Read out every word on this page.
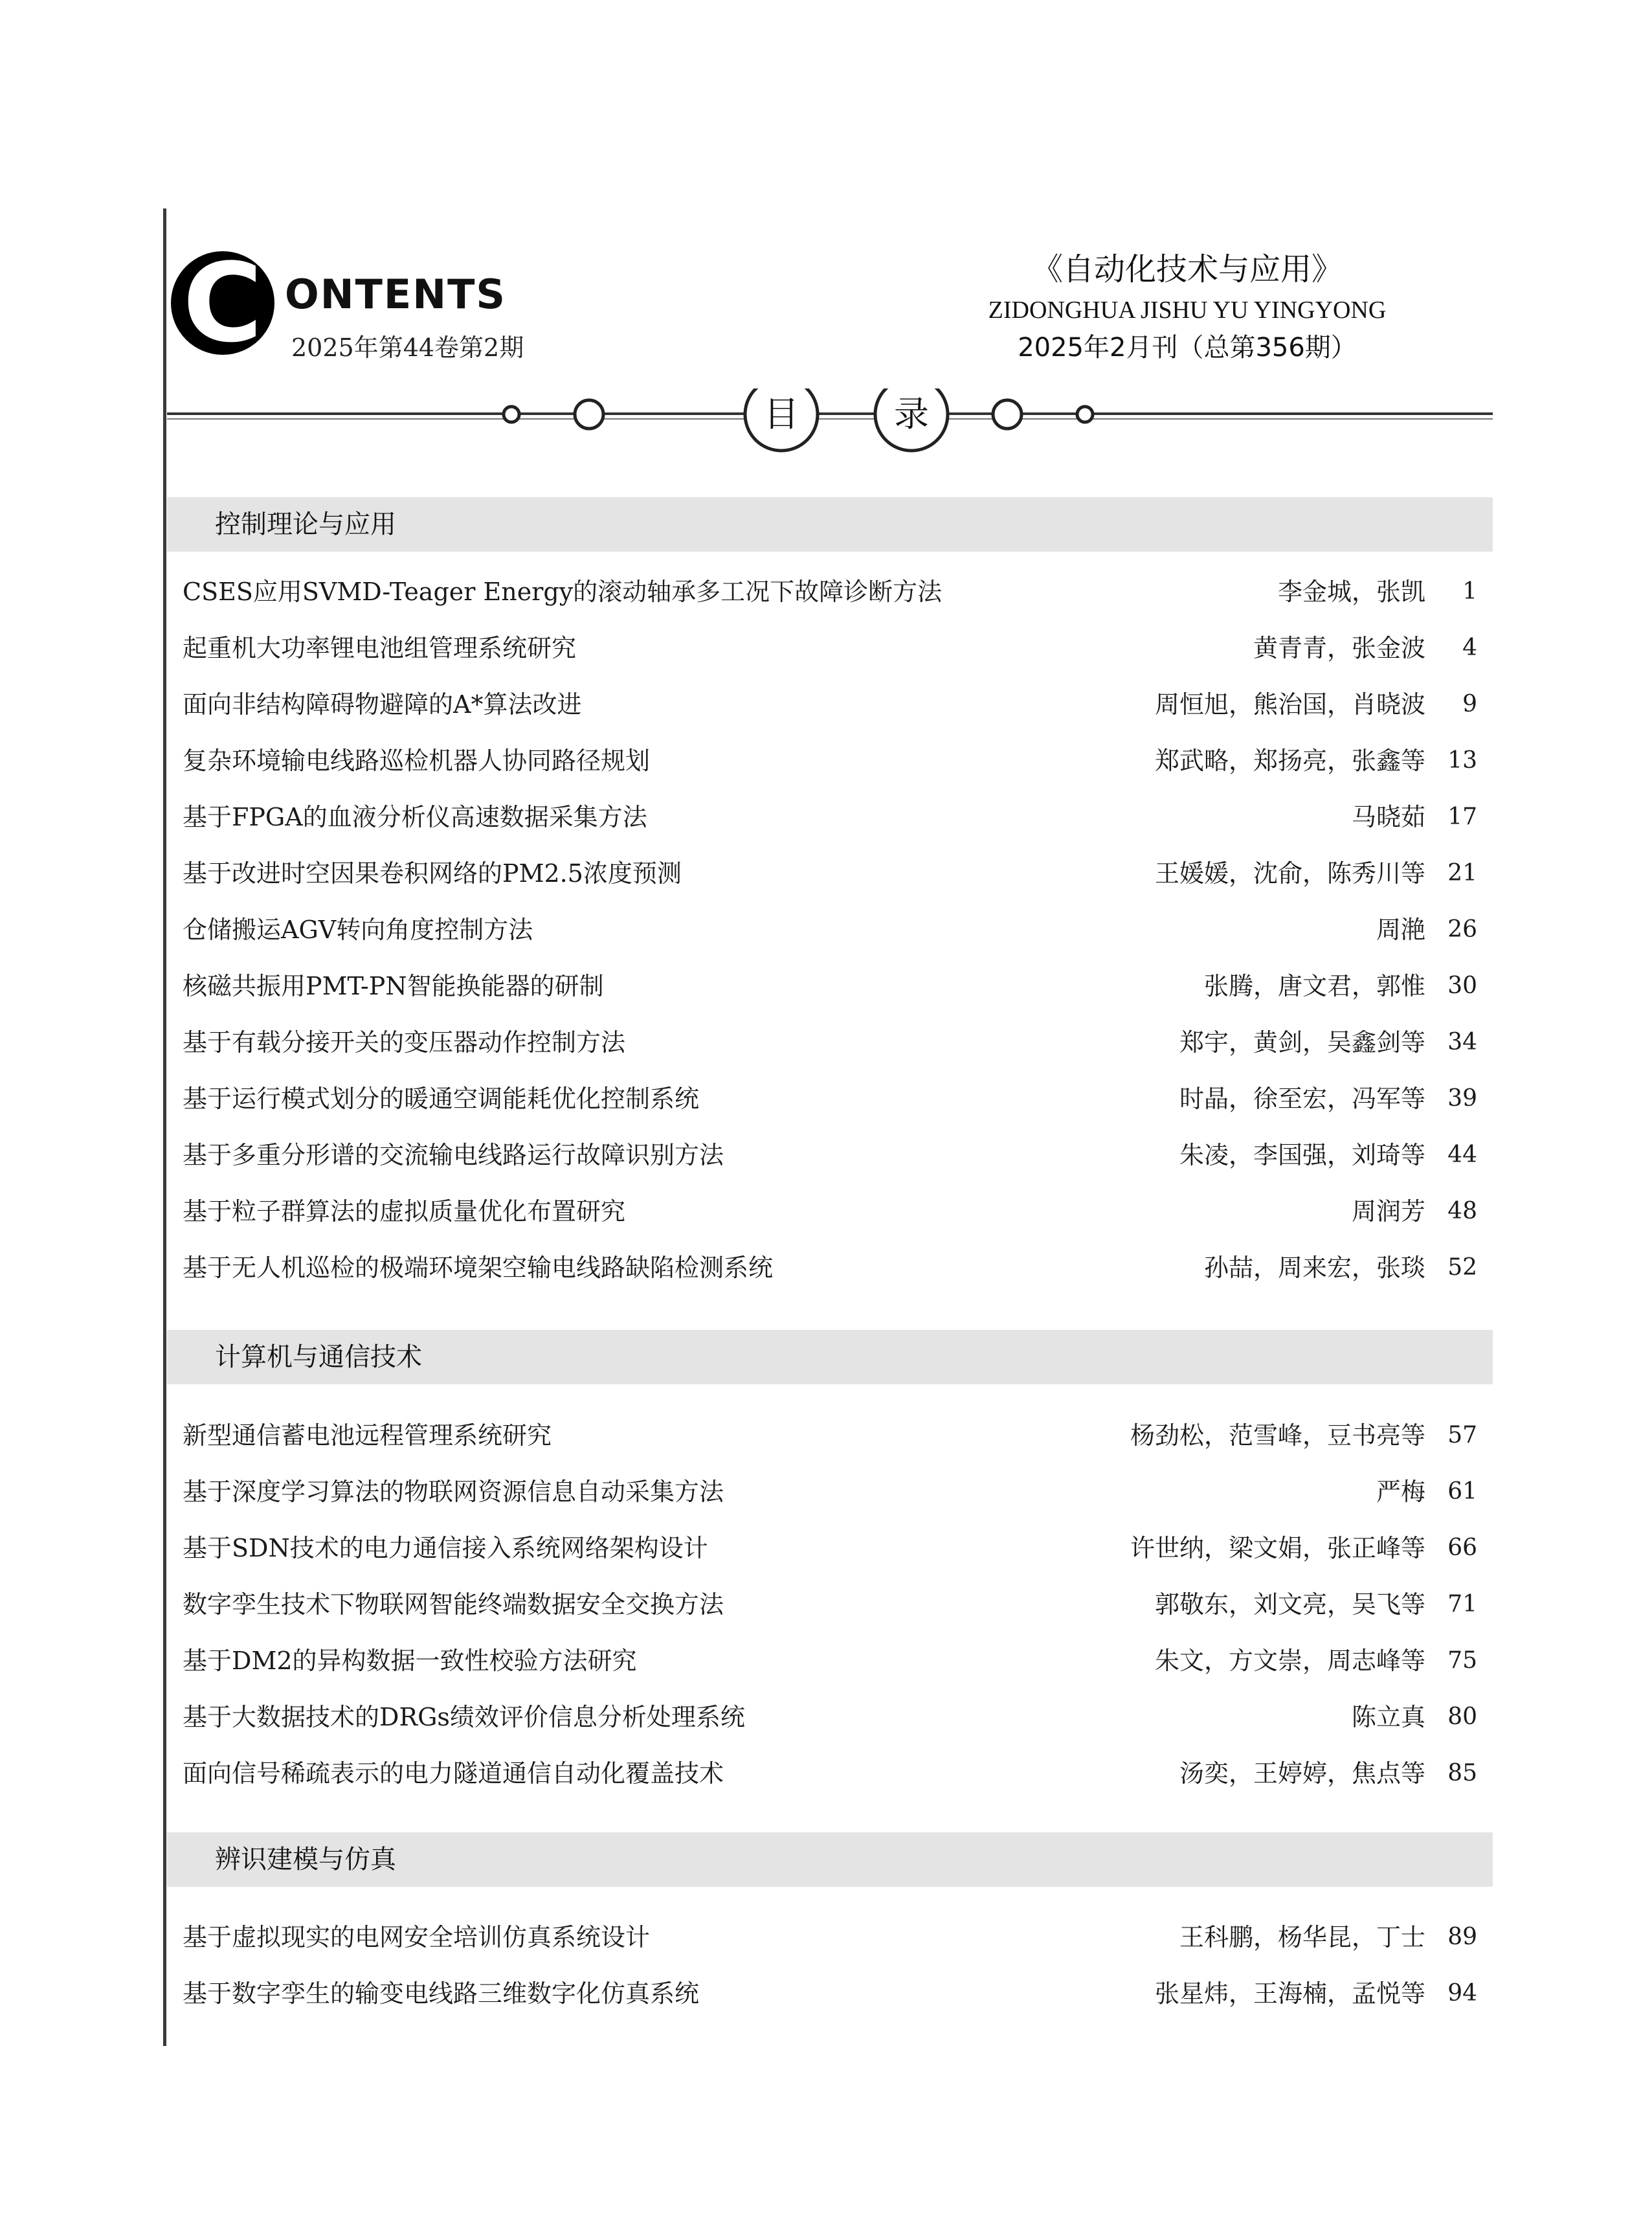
C ONTENTS
2025年第44卷第2期
《自动化技术与应用》
ZIDONGHUA JISHU YU YINGYONG
2025年2月刊（总第356期）
目	录
控制理论与应用
CSES应用SVMD-Teager Energy的滚动轴承多工况下故障诊断方法	李金城，张凯	1
起重机大功率锂电池组管理系统研究	黄青青，张金波	4
面向非结构障碍物避障的A*算法改进	周恒旭，熊治国，肖晓波	9
复杂环境输电线路巡检机器人协同路径规划	郑武略，郑扬亮，张鑫等 13
基于FPGA的血液分析仪高速数据采集方法	马晓茹 17
基于改进时空因果卷积网络的PM2.5浓度预测	王媛媛，沈俞，陈秀川等 21
仓储搬运AGV转向角度控制方法	周滟 26
核磁共振用PMT-PN智能换能器的研制	张腾，唐文君，郭惟 30
基于有载分接开关的变压器动作控制方法	郑宇，黄剑，吴鑫剑等 34
基于运行模式划分的暖通空调能耗优化控制系统	时晶，徐至宏，冯军等 39
基于多重分形谱的交流输电线路运行故障识别方法	朱凌，李国强，刘琦等 44
基于粒子群算法的虚拟质量优化布置研究	周润芳 48
基于无人机巡检的极端环境架空输电线路缺陷检测系统	孙喆，周来宏，张琰 52
计算机与通信技术
新型通信蓄电池远程管理系统研究	杨劲松，范雪峰，豆书亮等 57
基于深度学习算法的物联网资源信息自动采集方法	严梅 61
基于SDN技术的电力通信接入系统网络架构设计	许世纳，梁文娟，张正峰等 66
数字孪生技术下物联网智能终端数据安全交换方法	郭敬东，刘文亮，吴飞等 71
基于DM2的异构数据一致性校验方法研究	朱文，方文崇，周志峰等 75
基于大数据技术的DRGs绩效评价信息分析处理系统	陈立真 80
面向信号稀疏表示的电力隧道通信自动化覆盖技术	汤奕，王婷婷，焦点等 85
辨识建模与仿真
基于虚拟现实的电网安全培训仿真系统设计	王科鹏，杨华昆，丁士 89
基于数字孪生的输变电线路三维数字化仿真系统	张星炜，王海楠，孟悦等 94
